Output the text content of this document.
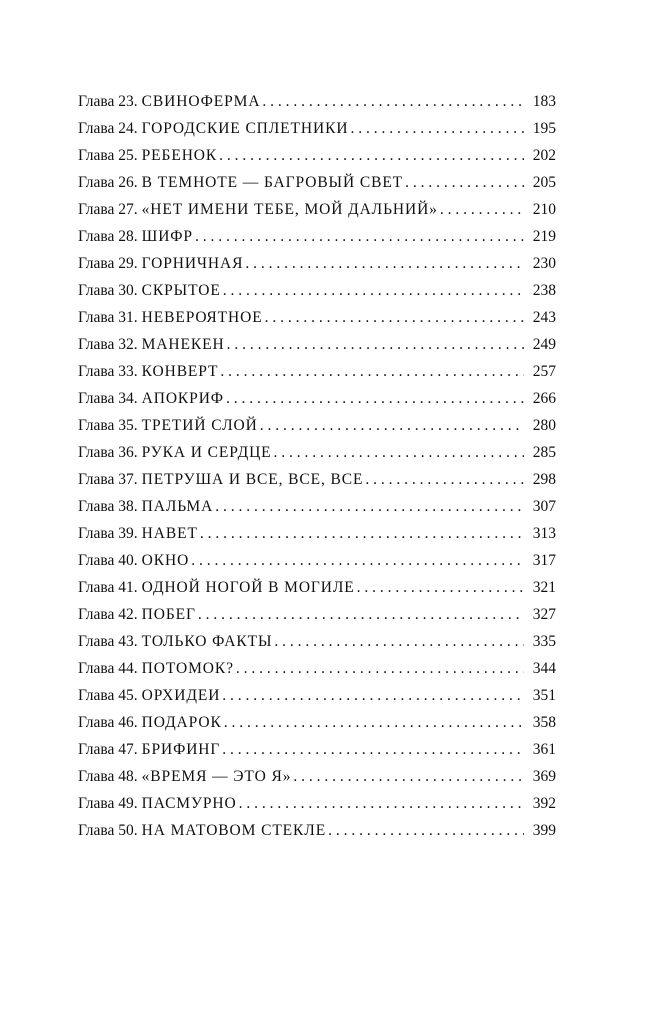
Глава 23. СВИНОФЕРМА . . .	183
Глава 24. ГОРОДСКИЕ СПЛЕТНИКИ . . .	195
Глава 25. РЕБЕНОК . . .	202
Глава 26. В ТЕМНОТЕ — БАГРОВЫЙ СВЕТ . . .	205
Глава 27. «НЕТ ИМЕНИ ТЕБЕ, МОЙ ДАЛЬНИЙ» . . .	210
Глава 28. ШИФР . . .	219
Глава 29. ГОРНИЧНАЯ . . .	230
Глава 30. СКРЫТОЕ . . .	238
Глава 31. НЕВЕРОЯТНОЕ . . .	243
Глава 32. МАНЕКЕН . . .	249
Глава 33. КОНВЕРТ . . .	257
Глава 34. АПОКРИФ . . .	266
Глава 35. ТРЕТИЙ СЛОЙ . . .	280
Глава 36. РУКА И СЕРДЦЕ . . .	285
Глава 37. ПЕТРУША И ВСЕ, ВСЕ, ВСЕ . . .	298
Глава 38. ПАЛЬМА . . .	307
Глава 39. НАВЕТ . . .	313
Глава 40. ОКНО . . .	317
Глава 41. ОДНОЙ НОГОЙ В МОГИЛЕ . . .	321
Глава 42. ПОБЕГ . . .	327
Глава 43. ТОЛЬКО ФАКТЫ . . .	335
Глава 44. ПОТОМОК? . . .	344
Глава 45. ОРХИДЕИ . . .	351
Глава 46. ПОДАРОК . . .	358
Глава 47. БРИФИНГ . . .	361
Глава 48. «ВРЕМЯ — ЭТО Я» . . .	369
Глава 49. ПАСМУРНО . . .	392
Глава 50. НА МАТОВОМ СТЕКЛЕ . . .	399
